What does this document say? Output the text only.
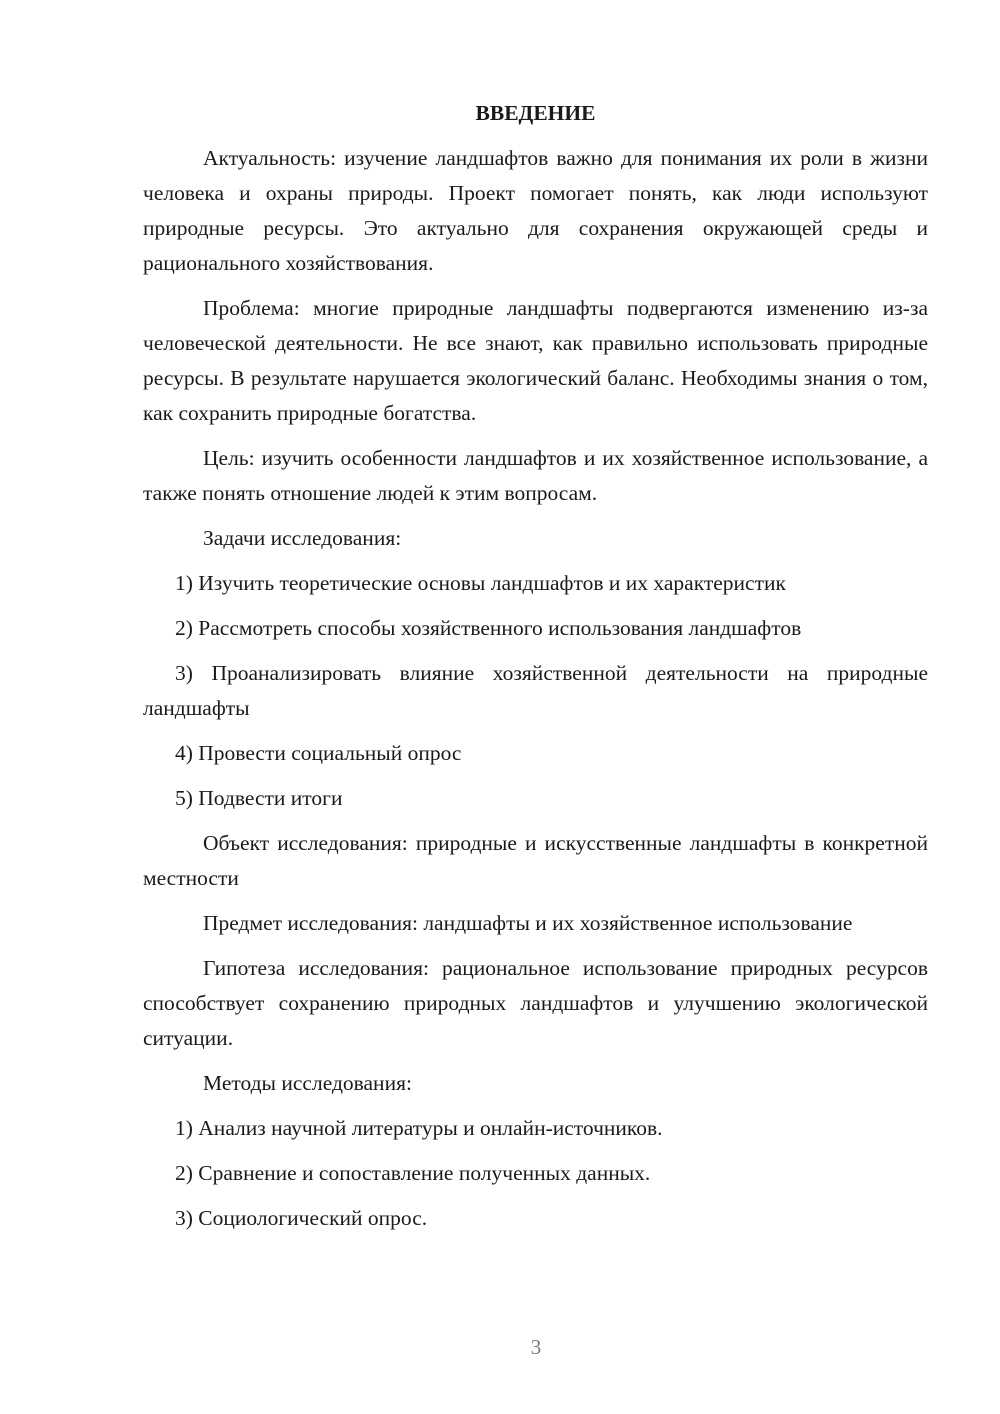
ВВЕДЕНИЕ

Актуальность: изучение ландшафтов важно для понимания их роли в жизни человека и охраны природы. Проект помогает понять, как люди используют природные ресурсы. Это актуально для сохранения окружающей среды и рационального хозяйствования.

Проблема: многие природные ландшафты подвергаются изменению из-за человеческой деятельности. Не все знают, как правильно использовать природные ресурсы. В результате нарушается экологический баланс. Необходимы знания о том, как сохранить природные богатства.

Цель: изучить особенности ландшафтов и их хозяйственное использование, а также понять отношение людей к этим вопросам.

Задачи исследования:

1) Изучить теоретические основы ландшафтов и их характеристик

2) Рассмотреть способы хозяйственного использования ландшафтов

3) Проанализировать влияние хозяйственной деятельности на природные ландшафты

4) Провести социальный опрос

5) Подвести итоги

Объект исследования: природные и искусственные ландшафты в конкретной местности

Предмет исследования: ландшафты и их хозяйственное использование

Гипотеза исследования: рациональное использование природных ресурсов способствует сохранению природных ландшафтов и улучшению экологической ситуации.

Методы исследования:

1) Анализ научной литературы и онлайн-источников.

2) Сравнение и сопоставление полученных данных.

3) Социологический опрос.

3
